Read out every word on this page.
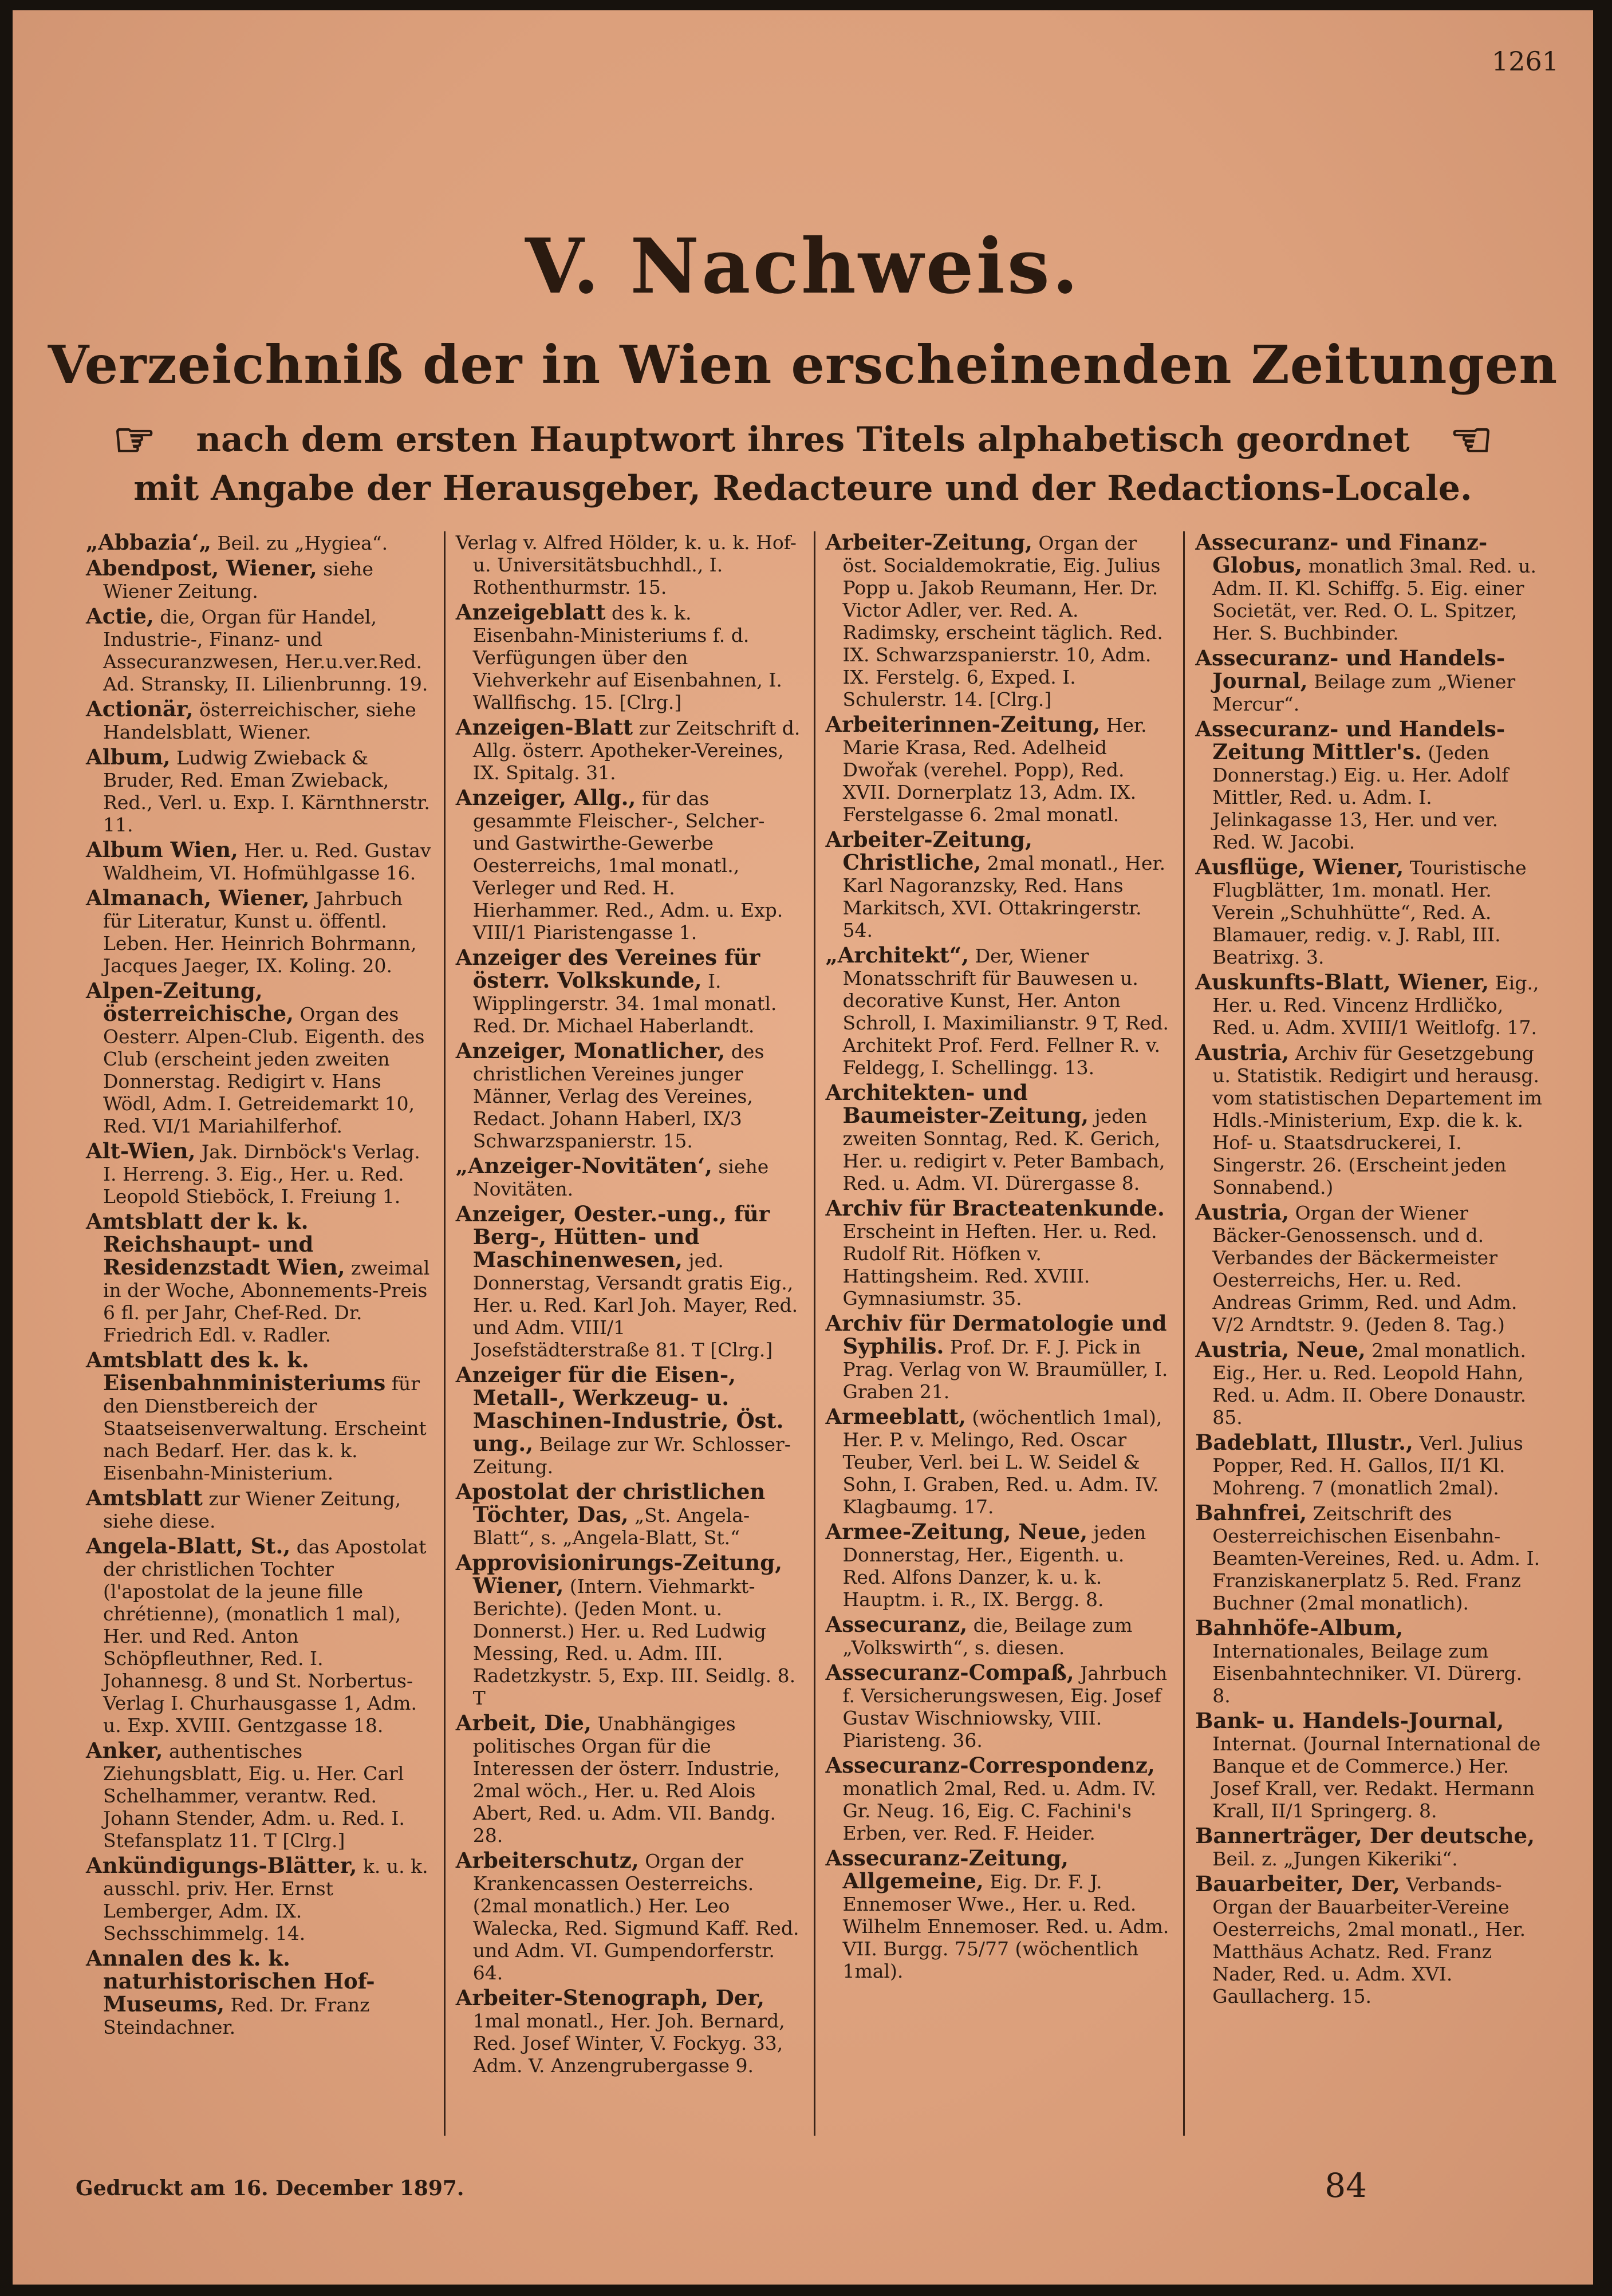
1261
V. Nachweis.
Verzeichniß der in Wien erscheinenden Zeitungen
☜ nach dem ersten Hauptwort ihres Titels alphabetisch geordnet ☜
mit Angabe der Herausgeber, Redacteure und der Redactions-Locale.

„Abbazia‘„ Beil. zu „Hygiea“.

Abendpost, Wiener, siehe Wiener Zeitung.

Actie, die, Organ für Handel, Industrie-, Finanz- und Assecuranzwesen, Her.u.ver.Red. Ad. Stransky, II. Lilienbrunng. 19.

Actionär, österreichischer, siehe Handelsblatt, Wiener.

Album, Ludwig Zwieback & Bruder, Red. Eman Zwieback, Red., Verl. u. Exp. I. Kärnthnerstr. 11.

Album Wien, Her. u. Red. Gustav Waldheim, VI. Hofmühlgasse 16.

Almanach, Wiener, Jahrbuch für Literatur, Kunst u. öffentl. Leben. Her. Heinrich Bohrmann, Jacques Jaeger, IX. Koling. 20.

Alpen-Zeitung, österreichische, Organ des Oesterr. Alpen-Club. Eigenth. des Club (erscheint jeden zweiten Donnerstag. Redigirt v. Hans Wödl, Adm. I. Getreidemarkt 10, Red. VI/1 Mariahilferhof.

Alt-Wien, Jak. Dirnböck's Verlag. I. Herreng. 3. Eig., Her. u. Red. Leopold Stieböck, I. Freiung 1.

Amtsblatt der k. k. Reichshaupt- und Residenzstadt Wien, zweimal in der Woche, Abonnements-Preis 6 fl. per Jahr, Chef-Red. Dr. Friedrich Edl. v. Radler.

Amtsblatt des k. k. Eisenbahnministeriums für den Dienstbereich der Staatseisenverwaltung. Erscheint nach Bedarf. Her. das k. k. Eisenbahn-Ministerium.

Amtsblatt zur Wiener Zeitung, siehe diese.

Angela-Blatt, St., das Apostolat der christlichen Tochter (l'apostolat de la jeune fille chrétienne), (monatlich 1 mal), Her. und Red. Anton Schöpfleuthner, Red. I. Johannesg. 8 und St. Norbertus-Verlag I. Churhausgasse 1, Adm. u. Exp. XVIII. Gentzgasse 18.

Anker, authentisches Ziehungsblatt, Eig. u. Her. Carl Schelhammer, verantw. Red. Johann Stender, Adm. u. Red. I. Stefansplatz 11. T [Clrg.]

Ankündigungs-Blätter, k. u. k. ausschl. priv. Her. Ernst Lemberger, Adm. IX. Sechsschimmelg. 14.

Annalen des k. k. naturhistorischen Hof-Museums, Red. Dr. Franz Steindachner.

Verlag v. Alfred Hölder, k. u. k. Hof- u. Universitätsbuchhdl., I. Rothenthurmstr. 15.

Anzeigeblatt des k. k. Eisenbahn-Ministeriums f. d. Verfügungen über den Viehverkehr auf Eisenbahnen, I. Wallfischg. 15. [Clrg.]

Anzeigen-Blatt zur Zeitschrift d. Allg. österr. Apotheker-Vereines, IX. Spitalg. 31.

Anzeiger, Allg., für das gesammte Fleischer-, Selcher- und Gastwirthe-Gewerbe Oesterreichs, 1mal monatl., Verleger und Red. H. Hierhammer. Red., Adm. u. Exp. VIII/1 Piaristengasse 1.

Anzeiger des Vereines für österr. Volkskunde, I. Wipplingerstr. 34. 1mal monatl. Red. Dr. Michael Haberlandt.

Anzeiger, Monatlicher, des christlichen Vereines junger Männer, Verlag des Vereines, Redact. Johann Haberl, IX/3 Schwarzspanierstr. 15.

„Anzeiger-Novitäten‘, siehe Novitäten.

Anzeiger, Oester.-ung., für Berg-, Hütten- und Maschinenwesen, jed. Donnerstag, Versandt gratis Eig., Her. u. Red. Karl Joh. Mayer, Red. und Adm. VIII/1 Josefstädterstraße 81. T [Clrg.]

Anzeiger für die Eisen-, Metall-, Werkzeug- u. Maschinen-Industrie, Öst. ung., Beilage zur Wr. Schlosser-Zeitung.

Apostolat der christlichen Töchter, Das, „St. Angela-Blatt“, s. „Angela-Blatt, St.“

Approvisionirungs-Zeitung, Wiener, (Intern. Viehmarkt-Berichte). (Jeden Mont. u. Donnerst.) Her. u. Red Ludwig Messing, Red. u. Adm. III. Radetzkystr. 5, Exp. III. Seidlg. 8. T

Arbeit, Die, Unabhängiges politisches Organ für die Interessen der österr. Industrie, 2mal wöch., Her. u. Red Alois Abert, Red. u. Adm. VII. Bandg. 28.

Arbeiterschutz, Organ der Krankencassen Oesterreichs. (2mal monatlich.) Her. Leo Walecka, Red. Sigmund Kaff. Red. und Adm. VI. Gumpendorferstr. 64.

Arbeiter-Stenograph, Der, 1mal monatl., Her. Joh. Bernard, Red. Josef Winter, V. Fockyg. 33, Adm. V. Anzengrubergasse 9.

Arbeiter-Zeitung, Organ der öst. Socialdemokratie, Eig. Julius Popp u. Jakob Reumann, Her. Dr. Victor Adler, ver. Red. A. Radimsky, erscheint täglich. Red. IX. Schwarzspanierstr. 10, Adm. IX. Ferstelg. 6, Exped. I. Schulerstr. 14. [Clrg.]

Arbeiterinnen-Zeitung, Her. Marie Krasa, Red. Adelheid Dwořak (verehel. Popp), Red. XVII. Dornerplatz 13, Adm. IX. Ferstelgasse 6. 2mal monatl.

Arbeiter-Zeitung, Christliche, 2mal monatl., Her. Karl Nagoranzsky, Red. Hans Markitsch, XVI. Ottakringerstr. 54.

„Architekt“, Der, Wiener Monatsschrift für Bauwesen u. decorative Kunst, Her. Anton Schroll, I. Maximilianstr. 9 T, Red. Architekt Prof. Ferd. Fellner R. v. Feldegg, I. Schellingg. 13.

Architekten- und Baumeister-Zeitung, jeden zweiten Sonntag, Red. K. Gerich, Her. u. redigirt v. Peter Bambach, Red. u. Adm. VI. Dürergasse 8.

Archiv für Bracteatenkunde. Erscheint in Heften. Her. u. Red. Rudolf Rit. Höfken v. Hattingsheim. Red. XVIII. Gymnasiumstr. 35.

Archiv für Dermatologie und Syphilis. Prof. Dr. F. J. Pick in Prag. Verlag von W. Braumüller, I. Graben 21.

Armeeblatt, (wöchentlich 1mal), Her. P. v. Melingo, Red. Oscar Teuber, Verl. bei L. W. Seidel & Sohn, I. Graben, Red. u. Adm. IV. Klagbaumg. 17.

Armee-Zeitung, Neue, jeden Donnerstag, Her., Eigenth. u. Red. Alfons Danzer, k. u. k. Hauptm. i. R., IX. Bergg. 8.

Assecuranz, die, Beilage zum „Volkswirth“, s. diesen.

Assecuranz-Compaß, Jahrbuch f. Versicherungswesen, Eig. Josef Gustav Wischniowsky, VIII. Piaristeng. 36.

Assecuranz-Correspondenz, monatlich 2mal, Red. u. Adm. IV. Gr. Neug. 16, Eig. C. Fachini's Erben, ver. Red. F. Heider.

Assecuranz-Zeitung, Allgemeine, Eig. Dr. F. J. Ennemoser Wwe., Her. u. Red. Wilhelm Ennemoser. Red. u. Adm. VII. Burgg. 75/77 (wöchentlich 1mal).

Assecuranz- und Finanz-Globus, monatlich 3mal. Red. u. Adm. II. Kl. Schiffg. 5. Eig. einer Societät, ver. Red. O. L. Spitzer, Her. S. Buchbinder.

Assecuranz- und Handels-Journal, Beilage zum „Wiener Mercur“.

Assecuranz- und Handels-Zeitung Mittler's. (Jeden Donnerstag.) Eig. u. Her. Adolf Mittler, Red. u. Adm. I. Jelinkagasse 13, Her. und ver. Red. W. Jacobi.

Ausflüge, Wiener, Touristische Flugblätter, 1m. monatl. Her. Verein „Schuhhütte“, Red. A. Blamauer, redig. v. J. Rabl, III. Beatrixg. 3.

Auskunfts-Blatt, Wiener, Eig., Her. u. Red. Vincenz Hrdličko, Red. u. Adm. XVIII/1 Weitlofg. 17.

Austria, Archiv für Gesetzgebung u. Statistik. Redigirt und herausg. vom statistischen Departement im Hdls.-Ministerium, Exp. die k. k. Hof- u. Staatsdruckerei, I. Singerstr. 26. (Erscheint jeden Sonnabend.)

Austria, Organ der Wiener Bäcker-Genossensch. und d. Verbandes der Bäckermeister Oesterreichs, Her. u. Red. Andreas Grimm, Red. und Adm. V/2 Arndtstr. 9. (Jeden 8. Tag.)

Austria, Neue, 2mal monatlich. Eig., Her. u. Red. Leopold Hahn, Red. u. Adm. II. Obere Donaustr. 85.

Badeblatt, Illustr., Verl. Julius Popper, Red. H. Gallos, II/1 Kl. Mohreng. 7 (monatlich 2mal).

Bahnfrei, Zeitschrift des Oesterreichischen Eisenbahn-Beamten-Vereines, Red. u. Adm. I. Franziskanerplatz 5. Red. Franz Buchner (2mal monatlich).

Bahnhöfe-Album, Internationales, Beilage zum Eisenbahntechniker. VI. Dürerg. 8.

Bank- u. Handels-Journal, Internat. (Journal International de Banque et de Commerce.) Her. Josef Krall, ver. Redakt. Hermann Krall, II/1 Springerg. 8.

Bannerträger, Der deutsche, Beil. z. „Jungen Kikeriki“.

Bauarbeiter, Der, Verbands-Organ der Bauarbeiter-Vereine Oesterreichs, 2mal monatl., Her. Matthäus Achatz. Red. Franz Nader, Red. u. Adm. XVI. Gaullacherg. 15.

Gedruckt am 16. December 1897.	84
